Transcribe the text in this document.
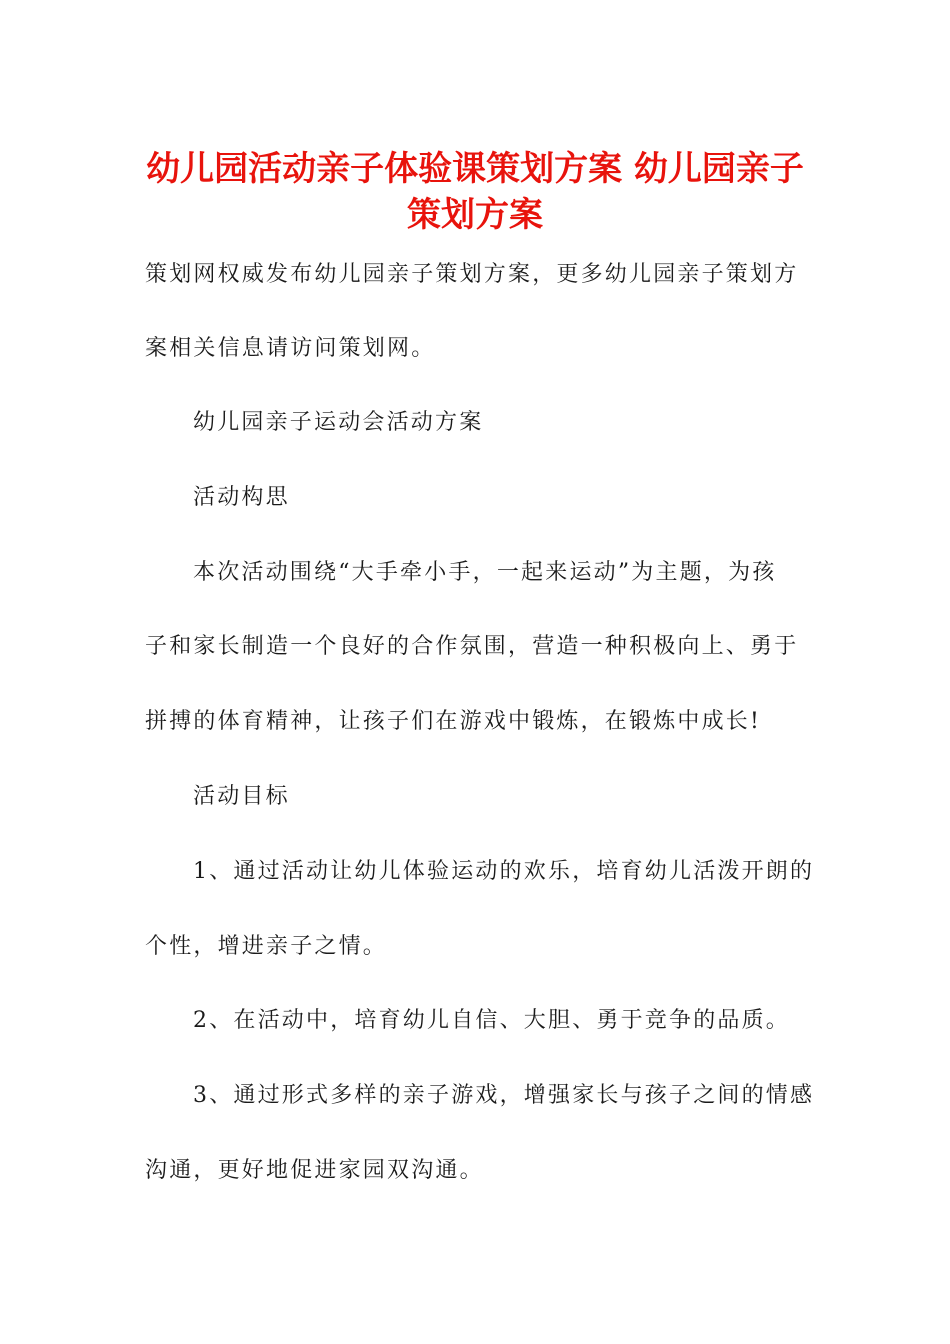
幼儿园活动亲子体验课策划方案 幼儿园亲子
策划方案

策划网权威发布幼儿园亲子策划方案，更多幼儿园亲子策划方

案相关信息请访问策划网。

幼儿园亲子运动会活动方案

活动构思

本次活动围绕“大手牵小手，一起来运动”为主题，为孩

子和家长制造一个良好的合作氛围，营造一种积极向上、勇于

拼搏的体育精神，让孩子们在游戏中锻炼，在锻炼中成长!

活动目标

1、通过活动让幼儿体验运动的欢乐，培育幼儿活泼开朗的

个性，增进亲子之情。

2、在活动中，培育幼儿自信、大胆、勇于竞争的品质。

3、通过形式多样的亲子游戏，增强家长与孩子之间的情感

沟通，更好地促进家园双沟通。
